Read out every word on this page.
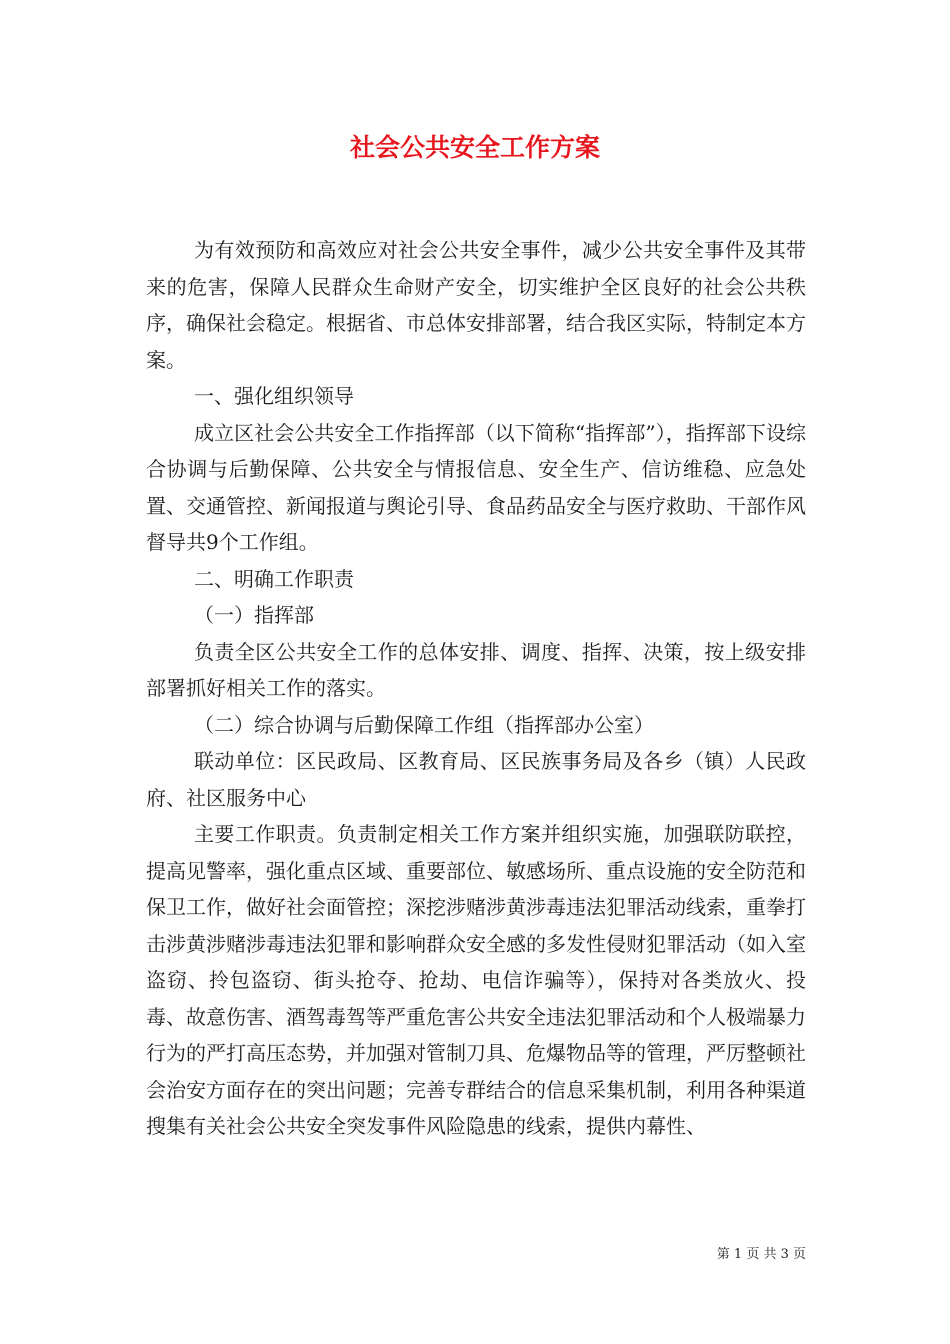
社会公共安全工作方案

为有效预防和高效应对社会公共安全事件，减少公共安全事件及其带来的危害，保障人民群众生命财产安全，切实维护全区良好的社会公共秩序，确保社会稳定。根据省、市总体安排部署，结合我区实际，特制定本方案。

一、强化组织领导

成立区社会公共安全工作指挥部（以下简称“指挥部”），指挥部下设综合协调与后勤保障、公共安全与情报信息、安全生产、信访维稳、应急处置、交通管控、新闻报道与舆论引导、食品药品安全与医疗救助、干部作风督导共9个工作组。

二、明确工作职责

（一）指挥部

负责全区公共安全工作的总体安排、调度、指挥、决策，按上级安排部署抓好相关工作的落实。

（二）综合协调与后勤保障工作组（指挥部办公室）

联动单位：区民政局、区教育局、区民族事务局及各乡（镇）人民政府、社区服务中心

主要工作职责。负责制定相关工作方案并组织实施，加强联防联控，提高见警率，强化重点区域、重要部位、敏感场所、重点设施的安全防范和保卫工作，做好社会面管控；深挖涉赌涉黄涉毒违法犯罪活动线索，重拳打击涉黄涉赌涉毒违法犯罪和影响群众安全感的多发性侵财犯罪活动（如入室盗窃、拎包盗窃、街头抢夺、抢劫、电信诈骗等），保持对各类放火、投毒、故意伤害、酒驾毒驾等严重危害公共安全违法犯罪活动和个人极端暴力行为的严打高压态势，并加强对管制刀具、危爆物品等的管理，严厉整顿社会治安方面存在的突出问题；完善专群结合的信息采集机制，利用各种渠道搜集有关社会公共安全突发事件风险隐患的线索，提供内幕性、

第 1 页 共 3 页
